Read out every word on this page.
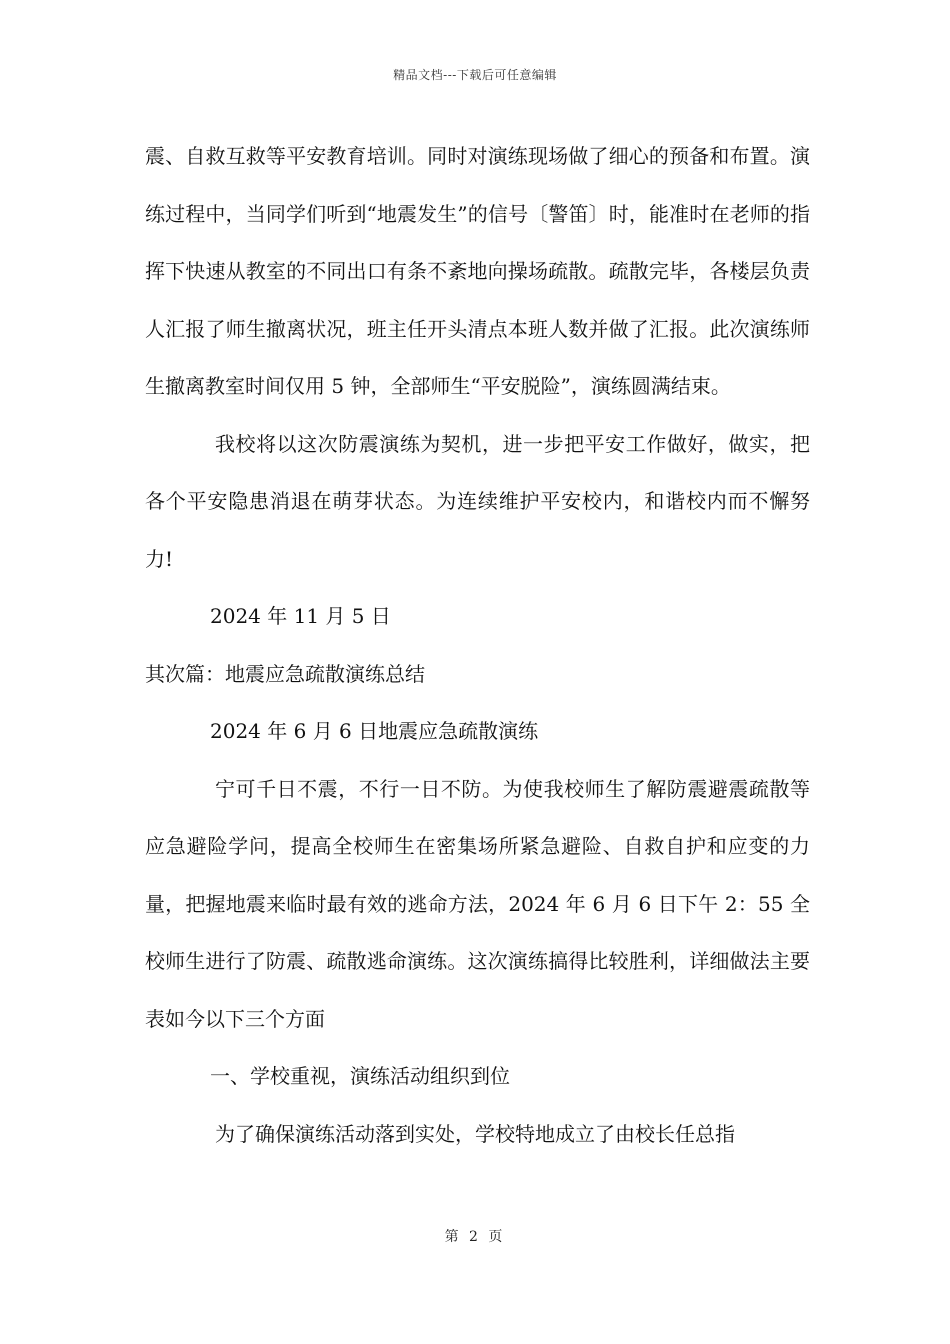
精品文档---下载后可任意编辑

震、自救互救等平安教育培训。同时对演练现场做了细心的预备和布置。演练过程中，当同学们听到“地震发生”的信号〔警笛〕时，能准时在老师的指挥下快速从教室的不同出口有条不紊地向操场疏散。疏散完毕，各楼层负责人汇报了师生撤离状况，班主任开头清点本班人数并做了汇报。此次演练师生撤离教室时间仅用 5 钟，全部师生“平安脱险”，演练圆满结束。

我校将以这次防震演练为契机，进一步把平安工作做好，做实，把各个平安隐患消退在萌芽状态。为连续维护平安校内，和谐校内而不懈努力!

2024 年 11 月 5 日

其次篇：地震应急疏散演练总结

2024 年 6 月 6 日地震应急疏散演练

宁可千日不震，不行一日不防。为使我校师生了解防震避震疏散等应急避险学问，提高全校师生在密集场所紧急避险、自救自护和应变的力量，把握地震来临时最有效的逃命方法，2024 年 6 月 6 日下午 2：55 全校师生进行了防震、疏散逃命演练。这次演练搞得比较胜利，详细做法主要表如今以下三个方面

一、学校重视，演练活动组织到位

为了确保演练活动落到实处，学校特地成立了由校长任总指

第 2 页
